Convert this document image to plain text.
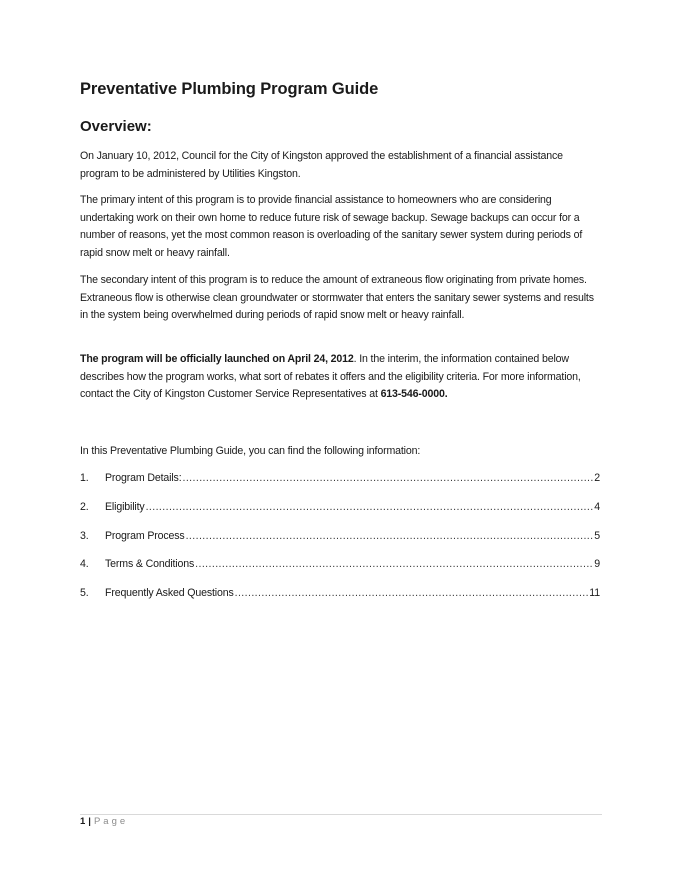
Preventative Plumbing Program Guide
Overview:

On January 10, 2012, Council for the City of Kingston approved the establishment of a financial assistance program to be administered by Utilities Kingston.

The primary intent of this program is to provide financial assistance to homeowners who are considering undertaking work on their own home to reduce future risk of sewage backup. Sewage backups can occur for a number of reasons, yet the most common reason is overloading of the sanitary sewer system during periods of rapid snow melt or heavy rainfall.

The secondary intent of this program is to reduce the amount of extraneous flow originating from private homes. Extraneous flow is otherwise clean groundwater or stormwater that enters the sanitary sewer systems and results in the system being overwhelmed during periods of rapid snow melt or heavy rainfall.

The program will be officially launched on April 24, 2012. In the interim, the information contained below describes how the program works, what sort of rebates it offers and the eligibility criteria. For more information, contact the City of Kingston Customer Service Representatives at 613-546-0000.

In this Preventative Plumbing Guide, you can find the following information:

1.	Program Details: .....	2
2.	Eligibility .....	4
3.	Program Process .....	5
4.	Terms & Conditions .....	9
5.	Frequently Asked Questions .....	11
1 | Page
